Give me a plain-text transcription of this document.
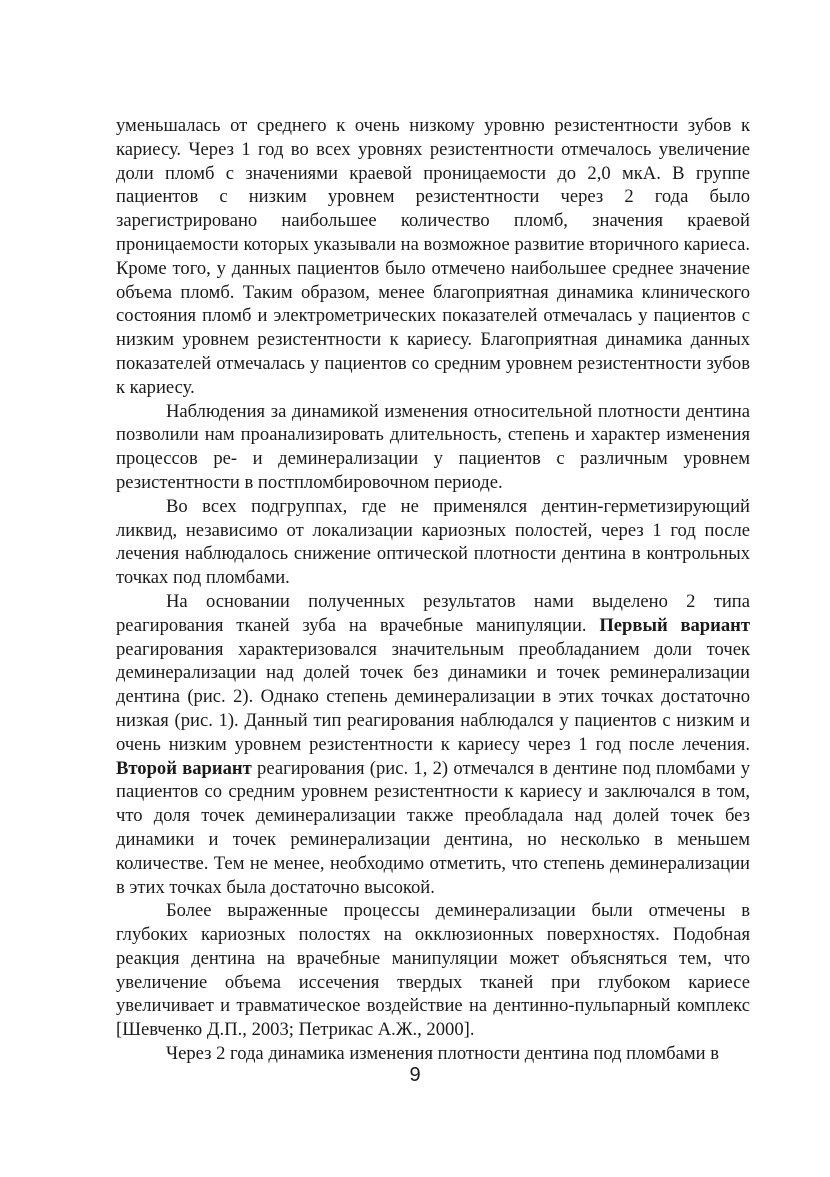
уменьшалась от среднего к очень низкому уровню резистентности зубов к кариесу. Через 1 год во всех уровнях резистентности отмечалось увеличение доли пломб с значениями краевой проницаемости до 2,0 мкА. В группе пациентов с низким уровнем резистентности через 2 года было зарегистрировано наибольшее количество пломб, значения краевой проницаемости которых указывали на возможное развитие вторичного кариеса. Кроме того, у данных пациентов было отмечено наибольшее среднее значение объема пломб. Таким образом, менее благоприятная динамика клинического состояния пломб и электрометрических показателей отмечалась у пациентов с низким уровнем резистентности к кариесу. Благоприятная динамика данных показателей отмечалась у пациентов со средним уровнем резистентности зубов к кариесу.

Наблюдения за динамикой изменения относительной плотности дентина позволили нам проанализировать длительность, степень и характер изменения процессов ре- и деминерализации у пациентов с различным уровнем резистентности в постпломбировочном периоде.

Во всех подгруппах, где не применялся дентин-герметизирующий ликвид, независимо от локализации кариозных полостей, через 1 год после лечения наблюдалось снижение оптической плотности дентина в контрольных точках под пломбами.

На основании полученных результатов нами выделено 2 типа реагирования тканей зуба на врачебные манипуляции. Первый вариант реагирования характеризовался значительным преобладанием доли точек деминерализации над долей точек без динамики и точек реминерализации дентина (рис. 2). Однако степень деминерализации в этих точках достаточно низкая (рис. 1). Данный тип реагирования наблюдался у пациентов с низким и очень низким уровнем резистентности к кариесу через 1 год после лечения. Второй вариант реагирования (рис. 1, 2) отмечался в дентине под пломбами у пациентов со средним уровнем резистентности к кариесу и заключался в том, что доля точек деминерализации также преобладала над долей точек без динамики и точек реминерализации дентина, но несколько в меньшем количестве. Тем не менее, необходимо отметить, что степень деминерализации в этих точках была достаточно высокой.

Более выраженные процессы деминерализации были отмечены в глубоких кариозных полостях на окклюзионных поверхностях. Подобная реакция дентина на врачебные манипуляции может объясняться тем, что увеличение объема иссечения твердых тканей при глубоком кариесе увеличивает и травматическое воздействие на дентинно-пульпарный комплекс [Шевченко Д.П., 2003; Петрикас А.Ж., 2000].

Через 2 года динамика изменения плотности дентина под пломбами в

9
